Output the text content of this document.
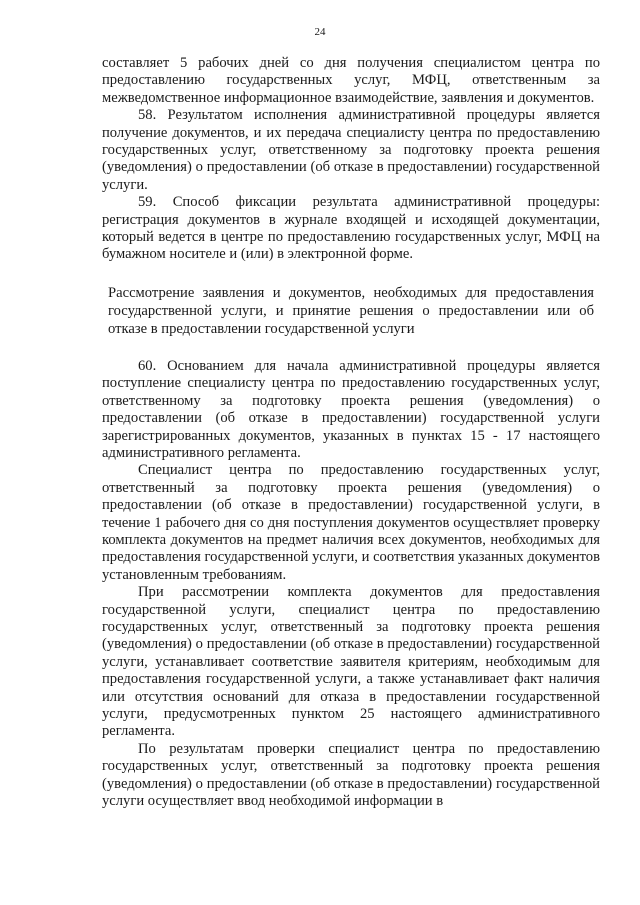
24

составляет 5 рабочих дней со дня получения специалистом центра по предоставлению государственных услуг, МФЦ, ответственным за межведомственное информационное взаимодействие, заявления и документов.

58. Результатом исполнения административной процедуры является получение документов, и их передача специалисту центра по предоставлению государственных услуг, ответственному за подготовку проекта решения (уведомления) о предоставлении (об отказе в предоставлении) государственной услуги.

59. Способ фиксации результата административной процедуры: регистрация документов в журнале входящей и исходящей документации, который ведется в центре по предоставлению государственных услуг, МФЦ на бумажном носителе и (или) в электронной форме.

Рассмотрение заявления и документов, необходимых для предоставления государственной услуги, и принятие решения о предоставлении или об отказе в предоставлении государственной услуги

60. Основанием для начала административной процедуры является поступление специалисту центра по предоставлению государственных услуг, ответственному за подготовку проекта решения (уведомления) о предоставлении (об отказе в предоставлении) государственной услуги зарегистрированных документов, указанных в пунктах 15 - 17 настоящего административного регламента.

Специалист центра по предоставлению государственных услуг, ответственный за подготовку проекта решения (уведомления) о предоставлении (об отказе в предоставлении) государственной услуги, в течение 1 рабочего дня со дня поступления документов осуществляет проверку комплекта документов на предмет наличия всех документов, необходимых для предоставления государственной услуги, и соответствия указанных документов установленным требованиям.

При рассмотрении комплекта документов для предоставления государственной услуги, специалист центра по предоставлению государственных услуг, ответственный за подготовку проекта решения (уведомления) о предоставлении (об отказе в предоставлении) государственной услуги, устанавливает соответствие заявителя критериям, необходимым для предоставления государственной услуги, а также устанавливает факт наличия или отсутствия оснований для отказа в предоставлении государственной услуги, предусмотренных пунктом 25 настоящего административного регламента.

По результатам проверки специалист центра по предоставлению государственных услуг, ответственный за подготовку проекта решения (уведомления) о предоставлении (об отказе в предоставлении) государственной услуги осуществляет ввод необходимой информации в
